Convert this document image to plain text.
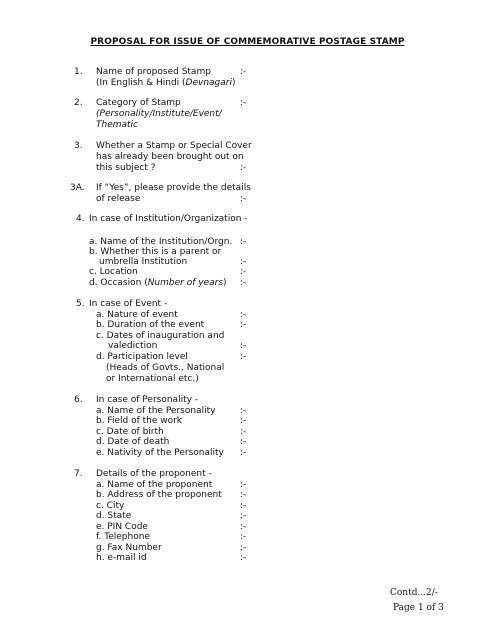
PROPOSAL FOR ISSUE OF COMMEMORATIVE POSTAGE STAMP
1. Name of proposed Stamp	:-
(In English & Hindi (Devnagari)
2. Category of Stamp	:-
(Personality/Institute/Event/
Thematic
3. Whether a Stamp or Special Cover
has already been brought out on
this subject ?	:-
3A. If “Yes”, please provide the details
of release	:-
4. In case of Institution/Organization -
a. Name of the Institution/Orgn. :-
b. Whether this is a parent or
umbrella Institution	:-
c. Location	:-
d. Occasion (Number of years) :-
5. In case of Event -
a. Nature of event	:-
b. Duration of the event	:-
c. Dates of inauguration and
valediction	:-
d. Participation level	:-
(Heads of Govts., National
or International etc.)
6. In case of Personality -
a. Name of the Personality	:-
b. Field of the work	:-
c. Date of birth	:-
d. Date of death	:-
e. Nativity of the Personality :-
7. Details of the proponent -
a. Name of the proponent	:-
b. Address of the proponent :-
c. City	:-
d. State	:-
e. PIN Code	:-
f. Telephone	:-
g. Fax Number	:-
h. e-mail id	:-
Contd...2/-
Page 1 of 3
